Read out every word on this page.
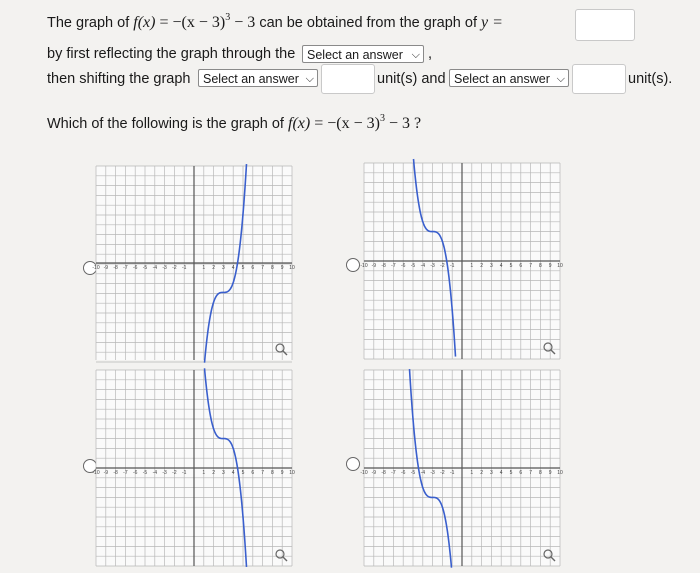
The graph of $f(x) = -(x - 3)^3 - 3$ can be obtained from the graph of y =
by first reflecting the graph through the Select an answer ⌵ ,
then shifting the graph	Select an answer ⌵	unit(s) and Select an answer ⌵	unit(s).
Which of the following is the graph of $f(x) = -(x - 3)^3 - 3$ ?
-10 -9 -8 -7 -6 -5 -4 -3 -2 -1	1 2 3 4 5 6 7 8 9 10	-10 -9 -8 -7 -6 -5 -4 -3 -2 -1	1 2 3 4 5 6 7 8 9 10
-10 -9 -8 -7 -6 -5 -4 -3 -2 -1	1 2 3 4 5 6 7 8 9 10	-10 -9 -8 -7 -6 -5 -4 -3 -2 -1	1 2 3 4 5 6 7 8 9 10
